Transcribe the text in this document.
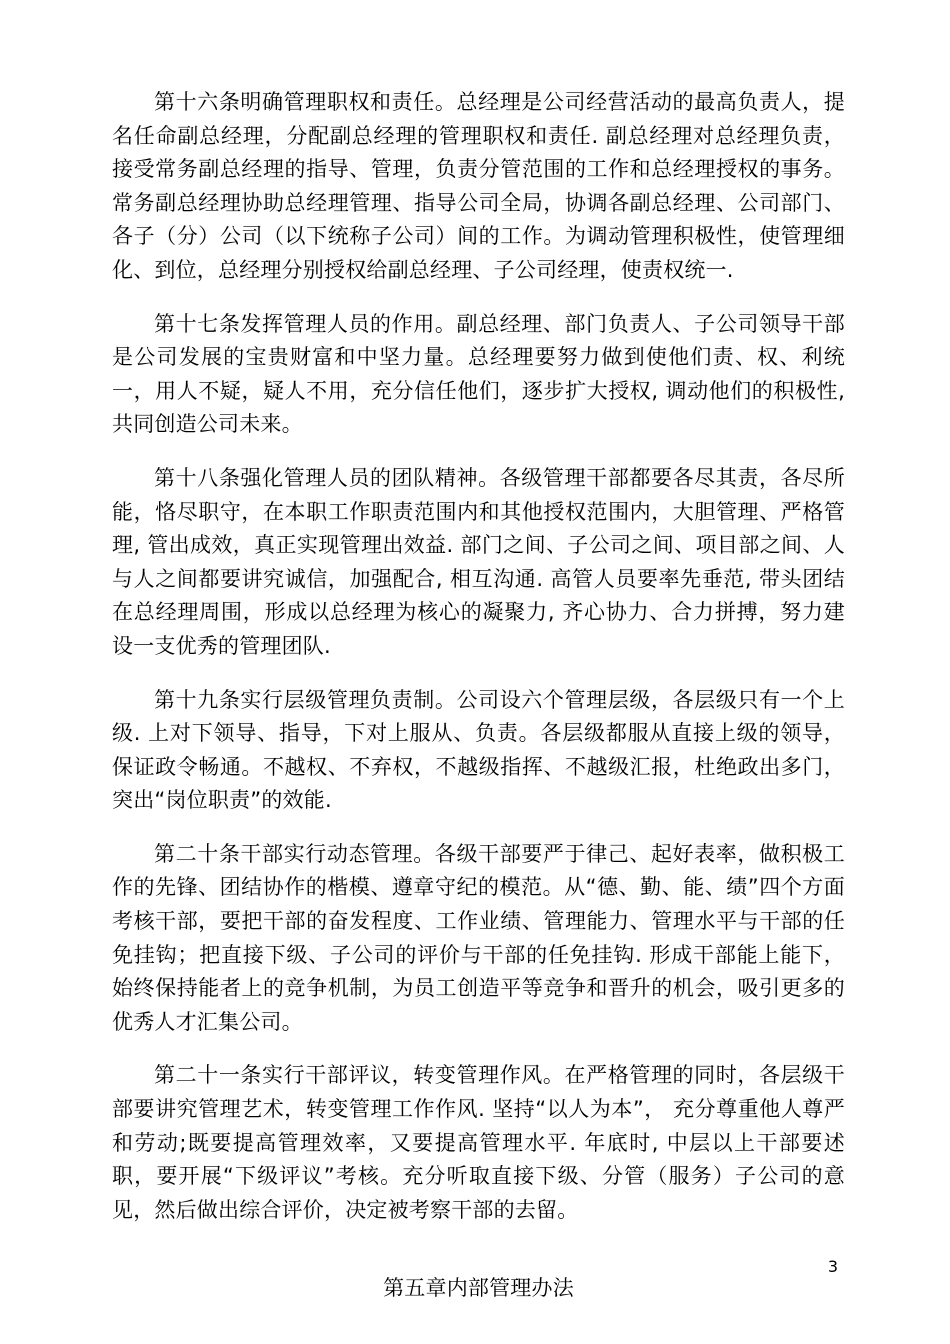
第十六条明确管理职权和责任。总经理是公司经营活动的最高负责人，提名任命副总经理，分配副总经理的管理职权和责任. 副总经理对总经理负责，接受常务副总经理的指导、管理，负责分管范围的工作和总经理授权的事务。常务副总经理协助总经理管理、指导公司全局，协调各副总经理、公司部门、各子（分）公司（以下统称子公司）间的工作。为调动管理积极性，使管理细化、到位，总经理分别授权给副总经理、子公司经理，使责权统一.

第十七条发挥管理人员的作用。副总经理、部门负责人、子公司领导干部是公司发展的宝贵财富和中坚力量。总经理要努力做到使他们责、权、利统一，用人不疑，疑人不用，充分信任他们，逐步扩大授权, 调动他们的积极性, 共同创造公司未来。

第十八条强化管理人员的团队精神。各级管理干部都要各尽其责，各尽所能，恪尽职守，在本职工作职责范围内和其他授权范围内，大胆管理、严格管理, 管出成效，真正实现管理出效益. 部门之间、子公司之间、项目部之间、人与人之间都要讲究诚信，加强配合, 相互沟通. 高管人员要率先垂范, 带头团结在总经理周围，形成以总经理为核心的凝聚力, 齐心协力、合力拼搏，努力建设一支优秀的管理团队.

第十九条实行层级管理负责制。公司设六个管理层级，各层级只有一个上级. 上对下领导、指导，下对上服从、负责。各层级都服从直接上级的领导，保证政令畅通。不越权、不弃权，不越级指挥、不越级汇报，杜绝政出多门，突出“岗位职责”的效能.

第二十条干部实行动态管理。各级干部要严于律己、起好表率，做积极工作的先锋、团结协作的楷模、遵章守纪的模范。从“德、勤、能、绩”四个方面考核干部，要把干部的奋发程度、工作业绩、管理能力、管理水平与干部的任免挂钩；把直接下级、子公司的评价与干部的任免挂钩. 形成干部能上能下，始终保持能者上的竞争机制，为员工创造平等竞争和晋升的机会，吸引更多的优秀人才汇集公司。

第二十一条实行干部评议，转变管理作风。在严格管理的同时，各层级干部要讲究管理艺术，转变管理工作作风. 坚持“以人为本”， 充分尊重他人尊严和劳动;既要提高管理效率，又要提高管理水平. 年底时, 中层以上干部要述职，要开展“下级评议”考核。充分听取直接下级、分管（服务）子公司的意见，然后做出综合评价，决定被考察干部的去留。

第五章内部管理办法
3
